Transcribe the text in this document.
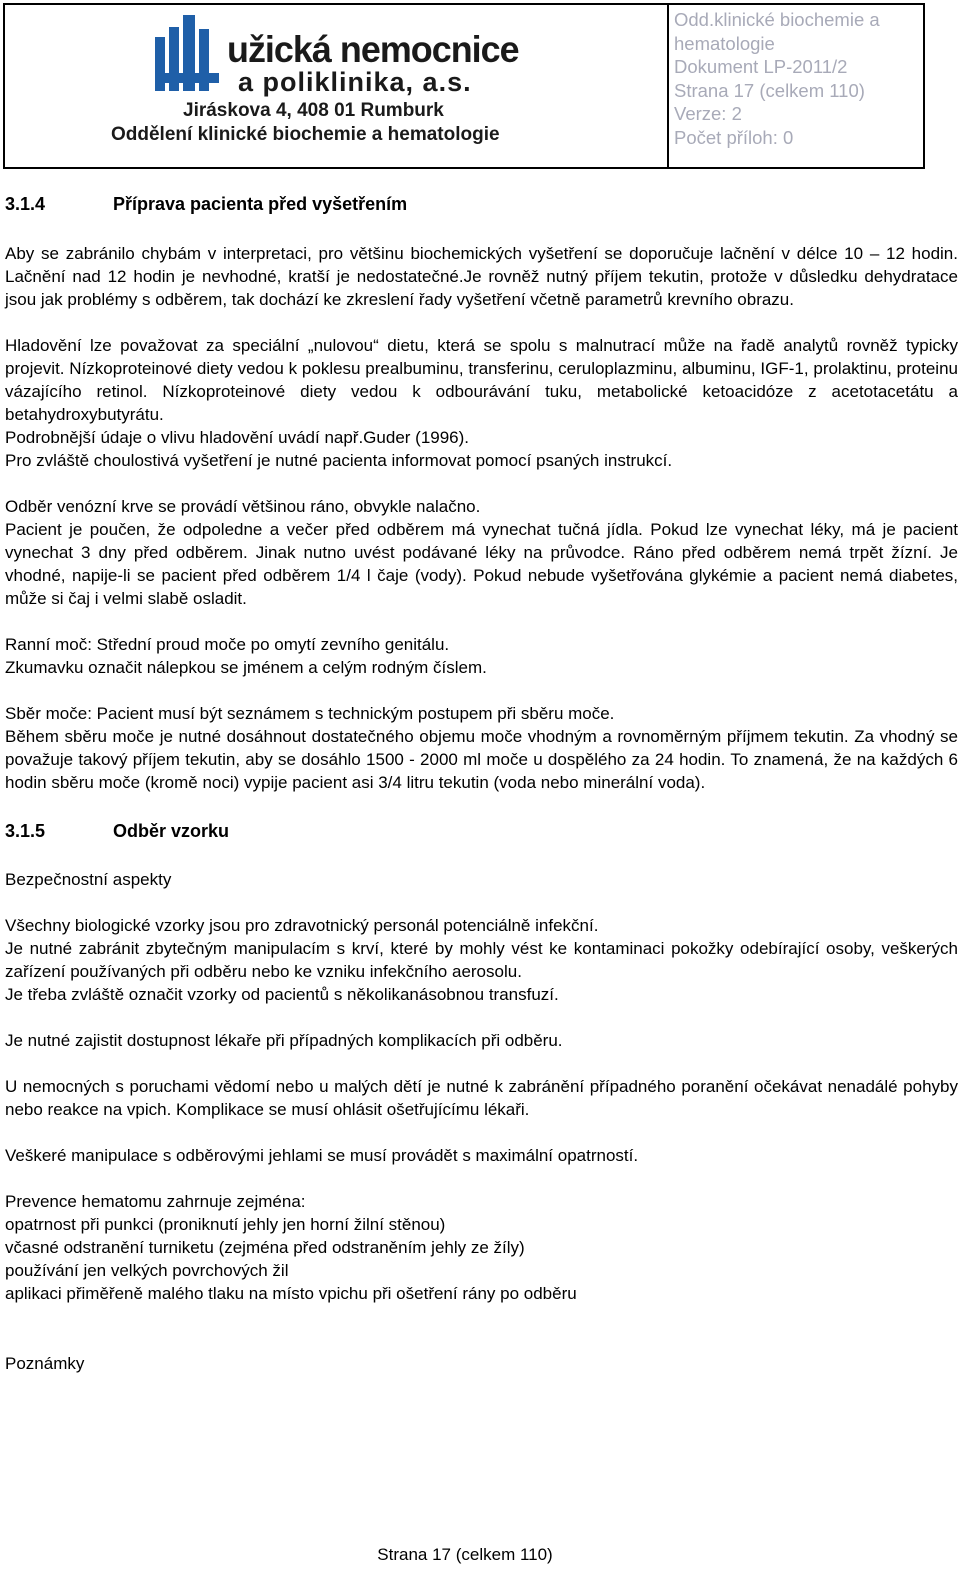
užická nemocnice
a poliklinika, a.s.
Jiráskova 4, 408 01 Rumburk
Oddělení klinické biochemie a hematologie
Odd.klinické biochemie a
hematologie
Dokument LP-2011/2
Strana 17 (celkem 110)
Verze: 2
Počet příloh: 0
3.1.4	Příprava pacienta před vyšetřením

Aby se zabránilo chybám v interpretaci, pro většinu biochemických vyšetření se doporučuje lačnění v délce 10 – 12 hodin. Lačnění nad 12 hodin je nevhodné, kratší je nedostatečné.Je rovněž nutný příjem tekutin, protože v důsledku dehydratace jsou jak problémy s odběrem, tak dochází ke zkreslení řady vyšetření včetně parametrů krevního obrazu.

Hladovění lze považovat za speciální „nulovou“ dietu, která se spolu s malnutrací může na řadě analytů rovněž typicky projevit. Nízkoproteinové diety vedou k poklesu prealbuminu, transferinu, ceruloplazminu, albuminu, IGF-1, prolaktinu, proteinu vázajícího retinol. Nízkoproteinové diety vedou k odbourávání tuku, metabolické ketoacidóze z acetotacetátu a betahydroxybutyrátu.

Podrobnější údaje o vlivu hladovění uvádí např.Guder (1996).

Pro zvláště choulostivá vyšetření je nutné pacienta informovat pomocí psaných instrukcí.

Odběr venózní krve se provádí většinou ráno, obvykle nalačno.

Pacient je poučen, že odpoledne a večer před odběrem má vynechat tučná jídla. Pokud lze vynechat léky, má je pacient vynechat 3 dny před odběrem. Jinak nutno uvést podávané léky na průvodce. Ráno před odběrem nemá trpět žízní. Je vhodné, napije-li se pacient před odběrem 1/4 l čaje (vody). Pokud nebude vyšetřována glykémie a pacient nemá diabetes, může si čaj i velmi slabě osladit.

Ranní moč: Střední proud moče po omytí zevního genitálu.

Zkumavku označit nálepkou se jménem a celým rodným číslem.

Sběr moče: Pacient musí být seznámem s technickým postupem při sběru moče.

Během sběru moče je nutné dosáhnout dostatečného objemu moče vhodným a rovnoměrným příjmem tekutin. Za vhodný se považuje takový příjem tekutin, aby se dosáhlo 1500 - 2000 ml moče u dospělého za 24 hodin. To znamená, že na každých 6 hodin sběru moče (kromě noci) vypije pacient asi 3/4 litru tekutin (voda nebo minerální voda).

3.1.5	Odběr vzorku

Bezpečnostní aspekty

Všechny biologické vzorky jsou pro zdravotnický personál potenciálně infekční.

Je nutné zabránit zbytečným manipulacím s krví, které by mohly vést ke kontaminaci pokožky odebírající osoby, veškerých zařízení používaných při odběru nebo ke vzniku infekčního aerosolu.

Je třeba zvláště označit vzorky od pacientů s několikanásobnou transfuzí.

Je nutné zajistit dostupnost lékaře při případných komplikacích při odběru.

U nemocných s poruchami vědomí nebo u malých dětí je nutné k zabránění případného poranění očekávat nenadálé pohyby nebo reakce na vpich. Komplikace se musí ohlásit ošetřujícímu lékaři.

Veškeré manipulace s odběrovými jehlami se musí provádět s maximální opatrností.

Prevence hematomu zahrnuje zejména:

opatrnost při punkci (proniknutí jehly jen horní žilní stěnou)

včasné odstranění turniketu (zejména před odstraněním jehly ze žíly)

používání jen velkých povrchových žil

aplikaci přiměřeně malého tlaku na místo vpichu při ošetření rány po odběru

Poznámky

Strana 17 (celkem 110)
